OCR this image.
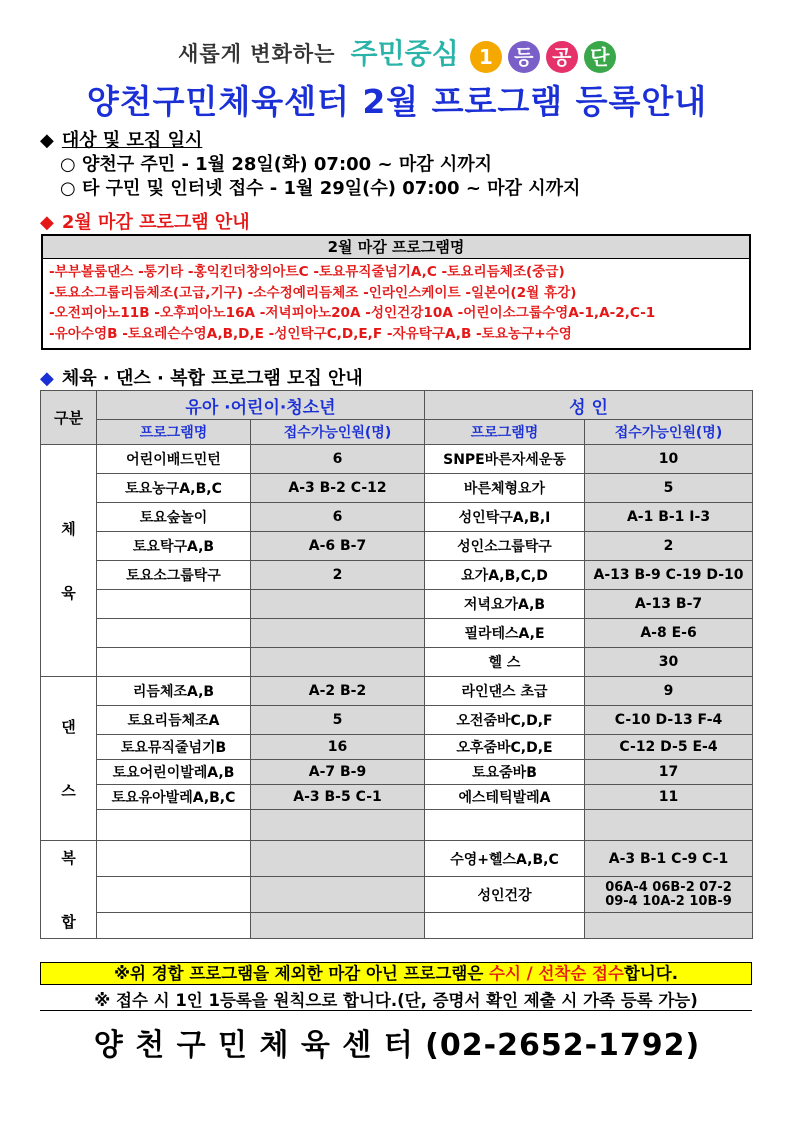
새롭게 변화하는 주민중심 1 등 공 단
양천구민체육센터 2월 프로그램 등록안내
◆ 대상 및 모집 일시
○ 양천구 주민 - 1월 28일(화) 07:00 ~ 마감 시까지
○ 타 구민 및 인터넷 접수 - 1월 29일(수) 07:00 ~ 마감 시까지
◆ 2월 마감 프로그램 안내
2월 마감 프로그램명
-부부볼룸댄스 -통기타 -홍익킨더창의아트C -토요뮤직줄넘기A,C -토요리듬체조(중급)
-토요소그룹리듬체조(고급,기구) -소수정예리듬체조 -인라인스케이트 -일본어(2월 휴강)
-오전피아노11B -오후피아노16A -저녁피아노20A -성인건강10A -어린이소그룹수영A-1,A-2,C-1
-유아수영B -토요레슨수영A,B,D,E -성인탁구C,D,E,F -자유탁구A,B -토요농구+수영
◆ 체육 · 댄스 · 복합 프로그램 모집 안내
구분	유아 ·어린이·청소년		성 인	
	프로그램명	접수가능인원(명)	프로그램명	접수가능인원(명)
체

육	어린이배드민턴	6	SNPE바른자세운동	10
	토요농구A,B,C	A-3 B-2 C-12	바른체형요가	5
	토요숲놀이	6	성인탁구A,B,I	A-1 B-1 I-3
	토요탁구A,B	A-6 B-7	성인소그룹탁구	2
	토요소그룹탁구	2	요가A,B,C,D	A-13 B-9 C-19 D-10
			저녁요가A,B	A-13 B-7
			필라테스A,E	A-8 E-6
			헬 스	30
댄

스	리듬체조A,B	A-2 B-2	라인댄스 초급	9
	토요리듬체조A	5	오전줌바C,D,F	C-10 D-13 F-4
	토요뮤직줄넘기B	16	오후줌바C,D,E	C-12 D-5 E-4
	토요어린이발레A,B	A-7 B-9	토요줌바B	17
	토요유아발레A,B,C	A-3 B-5 C-1	에스테틱발레A	11

복

합			수영+헬스A,B,C	A-3 B-1 C-9 C-1
			성인건강	06A-4 06B-2 07-2
09-4 10A-2 10B-9

※위 경합 프로그램을 제외한 마감 아닌 프로그램은 수시 / 선착순 접수합니다.
※ 접수 시 1인 1등록을 원칙으로 합니다.(단, 증명서 확인 제출 시 가족 등록 가능)
양 천 구 민 체 육 센 터 (02-2652-1792)
